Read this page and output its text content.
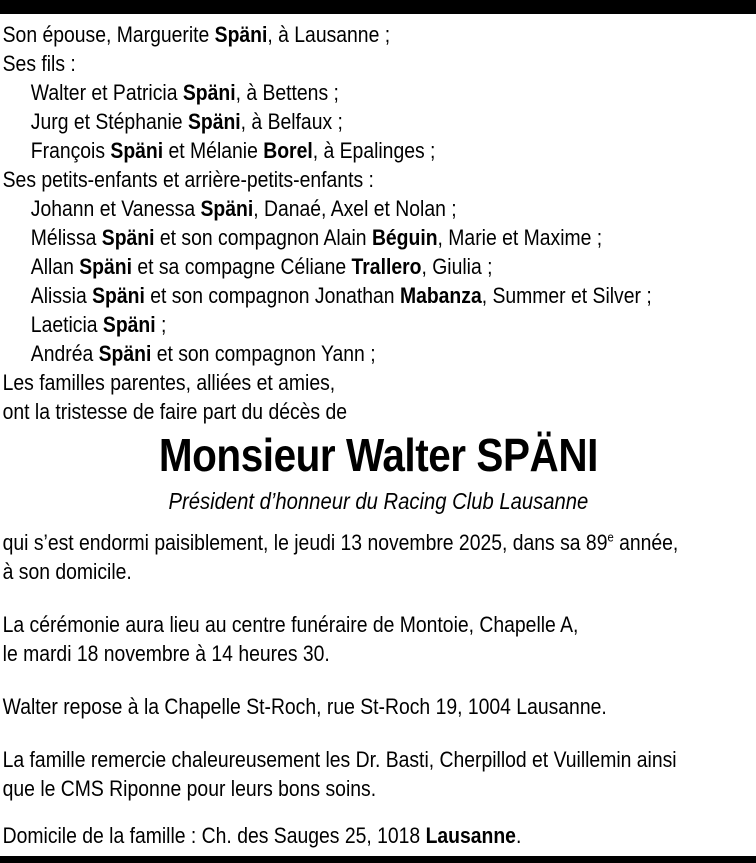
Son épouse, Marguerite Späni, à Lausanne ;
Ses fils :
Walter et Patricia Späni, à Bettens ;
Jurg et Stéphanie Späni, à Belfaux ;
François Späni et Mélanie Borel, à Epalinges ;
Ses petits-enfants et arrière-petits-enfants :
Johann et Vanessa Späni, Danaé, Axel et Nolan ;
Mélissa Späni et son compagnon Alain Béguin, Marie et Maxime ;
Allan Späni et sa compagne Céliane Trallero, Giulia ;
Alissia Späni et son compagnon Jonathan Mabanza, Summer et Silver ;
Laeticia Späni ;
Andréa Späni et son compagnon Yann ;
Les familles parentes, alliées et amies,
ont la tristesse de faire part du décès de
Monsieur Walter SPÄNI
Président d’honneur du Racing Club Lausanne
qui s’est endormi paisiblement, le jeudi 13 novembre 2025, dans sa 89e année,
à son domicile.
La cérémonie aura lieu au centre funéraire de Montoie, Chapelle A,
le mardi 18 novembre à 14 heures 30.
Walter repose à la Chapelle St-Roch, rue St-Roch 19, 1004 Lausanne.
La famille remercie chaleureusement les Dr. Basti, Cherpillod et Vuillemin ainsi
que le CMS Riponne pour leurs bons soins.
Domicile de la famille : Ch. des Sauges 25, 1018 Lausanne.
